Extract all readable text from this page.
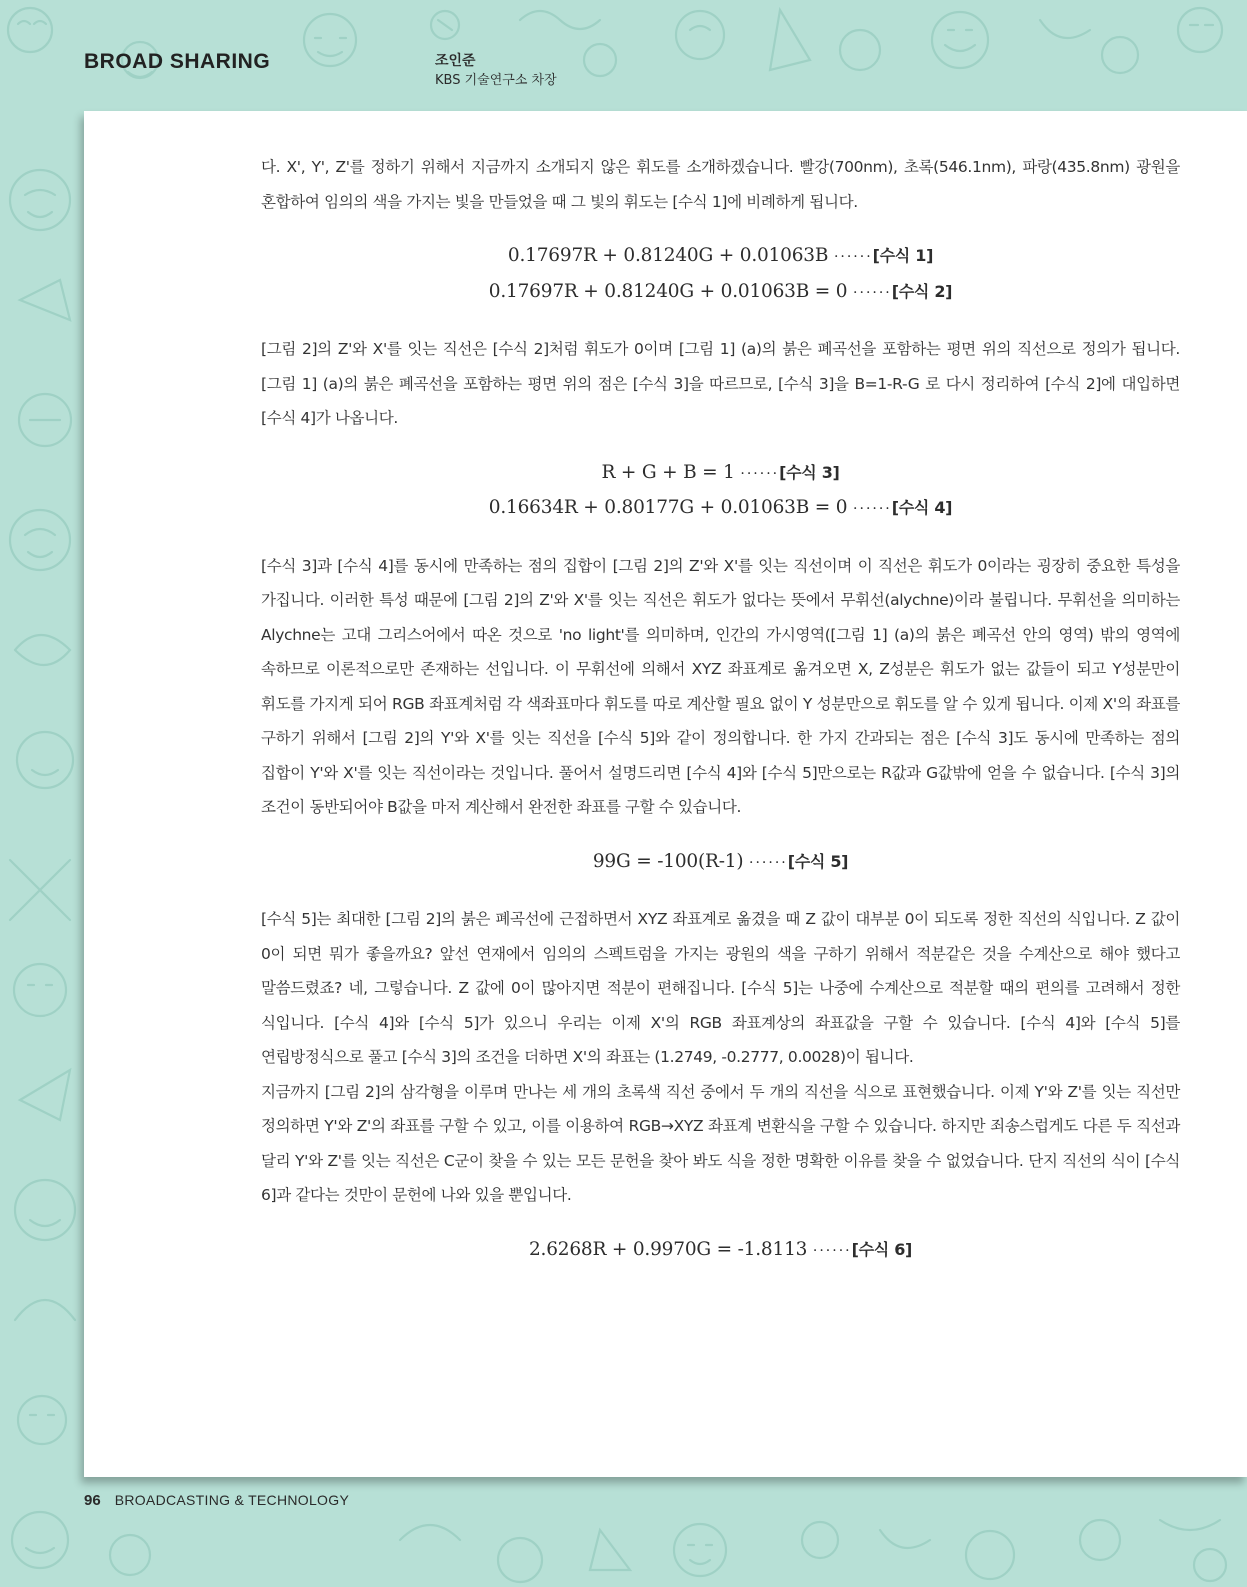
BROAD SHARING	조인준
KBS 기술연구소 차장

다. X', Y', Z'를 정하기 위해서 지금까지 소개되지 않은 휘도를 소개하겠습니다. 빨강(700nm), 초록(546.1nm), 파랑(435.8nm) 광원을 혼합하여 임의의 색을 가지는 빛을 만들었을 때 그 빛의 휘도는 [수식 1]에 비례하게 됩니다.

0.17697R + 0.81240G + 0.01063B ······[수식 1]
0.17697R + 0.81240G + 0.01063B = 0 ······[수식 2]

[그림 2]의 Z'와 X'를 잇는 직선은 [수식 2]처럼 휘도가 0이며 [그림 1] (a)의 붉은 폐곡선을 포함하는 평면 위의 직선으로 정의가 됩니다. [그림 1] (a)의 붉은 폐곡선을 포함하는 평면 위의 점은 [수식 3]을 따르므로, [수식 3]을 B=1-R-G 로 다시 정리하여 [수식 2]에 대입하면 [수식 4]가 나옵니다.

R + G + B = 1 ······[수식 3]
0.16634R + 0.80177G + 0.01063B = 0 ······[수식 4]

[수식 3]과 [수식 4]를 동시에 만족하는 점의 집합이 [그림 2]의 Z'와 X'를 잇는 직선이며 이 직선은 휘도가 0이라는 굉장히 중요한 특성을 가집니다. 이러한 특성 때문에 [그림 2]의 Z'와 X'를 잇는 직선은 휘도가 없다는 뜻에서 무휘선(alychne)이라 불립니다. 무휘선을 의미하는 Alychne는 고대 그리스어에서 따온 것으로 'no light'를 의미하며, 인간의 가시영역([그림 1] (a)의 붉은 폐곡선 안의 영역) 밖의 영역에 속하므로 이론적으로만 존재하는 선입니다. 이 무휘선에 의해서 XYZ 좌표계로 옮겨오면 X, Z성분은 휘도가 없는 값들이 되고 Y성분만이 휘도를 가지게 되어 RGB 좌표계처럼 각 색좌표마다 휘도를 따로 계산할 필요 없이 Y 성분만으로 휘도를 알 수 있게 됩니다. 이제 X'의 좌표를 구하기 위해서 [그림 2]의 Y'와 X'를 잇는 직선을 [수식 5]와 같이 정의합니다. 한 가지 간과되는 점은 [수식 3]도 동시에 만족하는 점의 집합이 Y'와 X'를 잇는 직선이라는 것입니다. 풀어서 설명드리면 [수식 4]와 [수식 5]만으로는 R값과 G값밖에 얻을 수 없습니다. [수식 3]의 조건이 동반되어야 B값을 마저 계산해서 완전한 좌표를 구할 수 있습니다.

99G = -100(R-1) ······[수식 5]

[수식 5]는 최대한 [그림 2]의 붉은 폐곡선에 근접하면서 XYZ 좌표계로 옮겼을 때 Z 값이 대부분 0이 되도록 정한 직선의 식입니다. Z 값이 0이 되면 뭐가 좋을까요? 앞선 연재에서 임의의 스펙트럼을 가지는 광원의 색을 구하기 위해서 적분같은 것을 수계산으로 해야 했다고 말씀드렸죠? 네, 그렇습니다. Z 값에 0이 많아지면 적분이 편해집니다. [수식 5]는 나중에 수계산으로 적분할 때의 편의를 고려해서 정한 식입니다. [수식 4]와 [수식 5]가 있으니 우리는 이제 X'의 RGB 좌표계상의 좌표값을 구할 수 있습니다. [수식 4]와 [수식 5]를 연립방정식으로 풀고 [수식 3]의 조건을 더하면 X'의 좌표는 (1.2749, -0.2777, 0.0028)이 됩니다.

지금까지 [그림 2]의 삼각형을 이루며 만나는 세 개의 초록색 직선 중에서 두 개의 직선을 식으로 표현했습니다. 이제 Y'와 Z'를 잇는 직선만 정의하면 Y'와 Z'의 좌표를 구할 수 있고, 이를 이용하여 RGB→XYZ 좌표계 변환식을 구할 수 있습니다. 하지만 죄송스럽게도 다른 두 직선과 달리 Y'와 Z'를 잇는 직선은 C군이 찾을 수 있는 모든 문헌을 찾아 봐도 식을 정한 명확한 이유를 찾을 수 없었습니다. 단지 직선의 식이 [수식 6]과 같다는 것만이 문헌에 나와 있을 뿐입니다.

2.6268R + 0.9970G = -1.8113 ······[수식 6]
96 BROADCASTING & TECHNOLOGY
